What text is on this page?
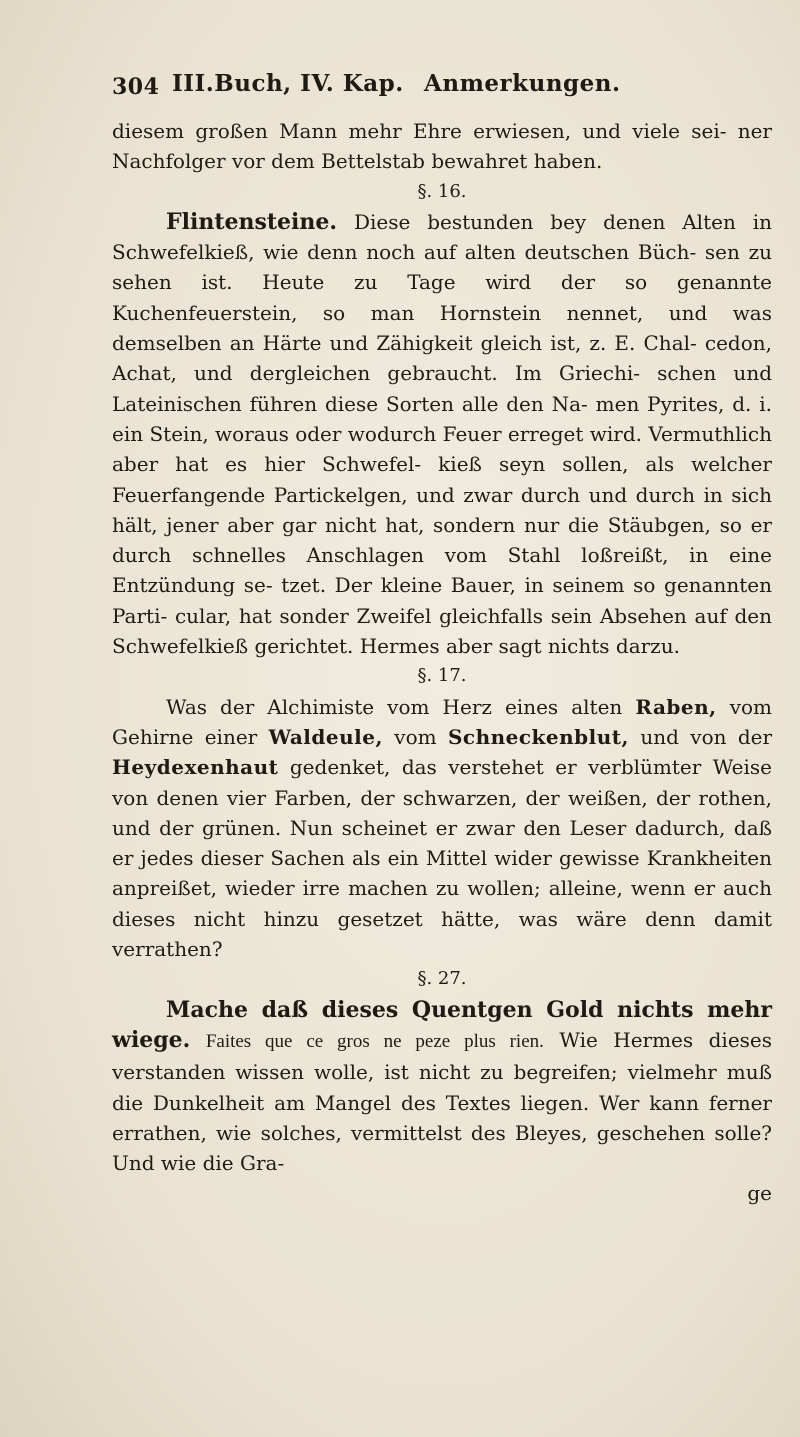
304 III.Buch, IV. Kap. Anmerkungen.

diesem großen Mann mehr Ehre erwiesen, und viele sei- ner Nachfolger vor dem Bettelstab bewahret haben.

§. 16.

Flintensteine. Diese bestunden bey denen Alten in Schwefelkieß, wie denn noch auf alten deutschen Büch- sen zu sehen ist. Heute zu Tage wird der so genannte Kuchenfeuerstein, so man Hornstein nennet, und was demselben an Härte und Zähigkeit gleich ist, z. E. Chal- cedon, Achat, und dergleichen gebraucht. Im Griechi- schen und Lateinischen führen diese Sorten alle den Na- men Pyrites, d. i. ein Stein, woraus oder wodurch Feuer erreget wird. Vermuthlich aber hat es hier Schwefel- kieß seyn sollen, als welcher Feuerfangende Partickelgen, und zwar durch und durch in sich hält, jener aber gar nicht hat, sondern nur die Stäubgen, so er durch schnelles Anschlagen vom Stahl loßreißt, in eine Entzündung se- tzet. Der kleine Bauer, in seinem so genannten Parti- cular, hat sonder Zweifel gleichfalls sein Absehen auf den Schwefelkieß gerichtet. Hermes aber sagt nichts darzu.

§. 17.

Was der Alchimiste vom Herz eines alten Raben, vom Gehirne einer Waldeule, vom Schneckenblut, und von der Heydexenhaut gedenket, das verstehet er verblümter Weise von denen vier Farben, der schwarzen, der weißen, der rothen, und der grünen. Nun scheinet er zwar den Leser dadurch, daß er jedes dieser Sachen als ein Mittel wider gewisse Krankheiten anpreißet, wieder irre machen zu wollen; alleine, wenn er auch dieses nicht hinzu gesetzet hätte, was wäre denn damit verrathen?

§. 27.

Mache daß dieses Quentgen Gold nichts mehr wiege. Faites que ce gros ne peze plus rien. Wie Hermes dieses verstanden wissen wolle, ist nicht zu begreifen; vielmehr muß die Dunkelheit am Mangel des Textes liegen. Wer kann ferner errathen, wie solches, vermittelst des Bleyes, geschehen solle? Und wie die Gra-

ge
